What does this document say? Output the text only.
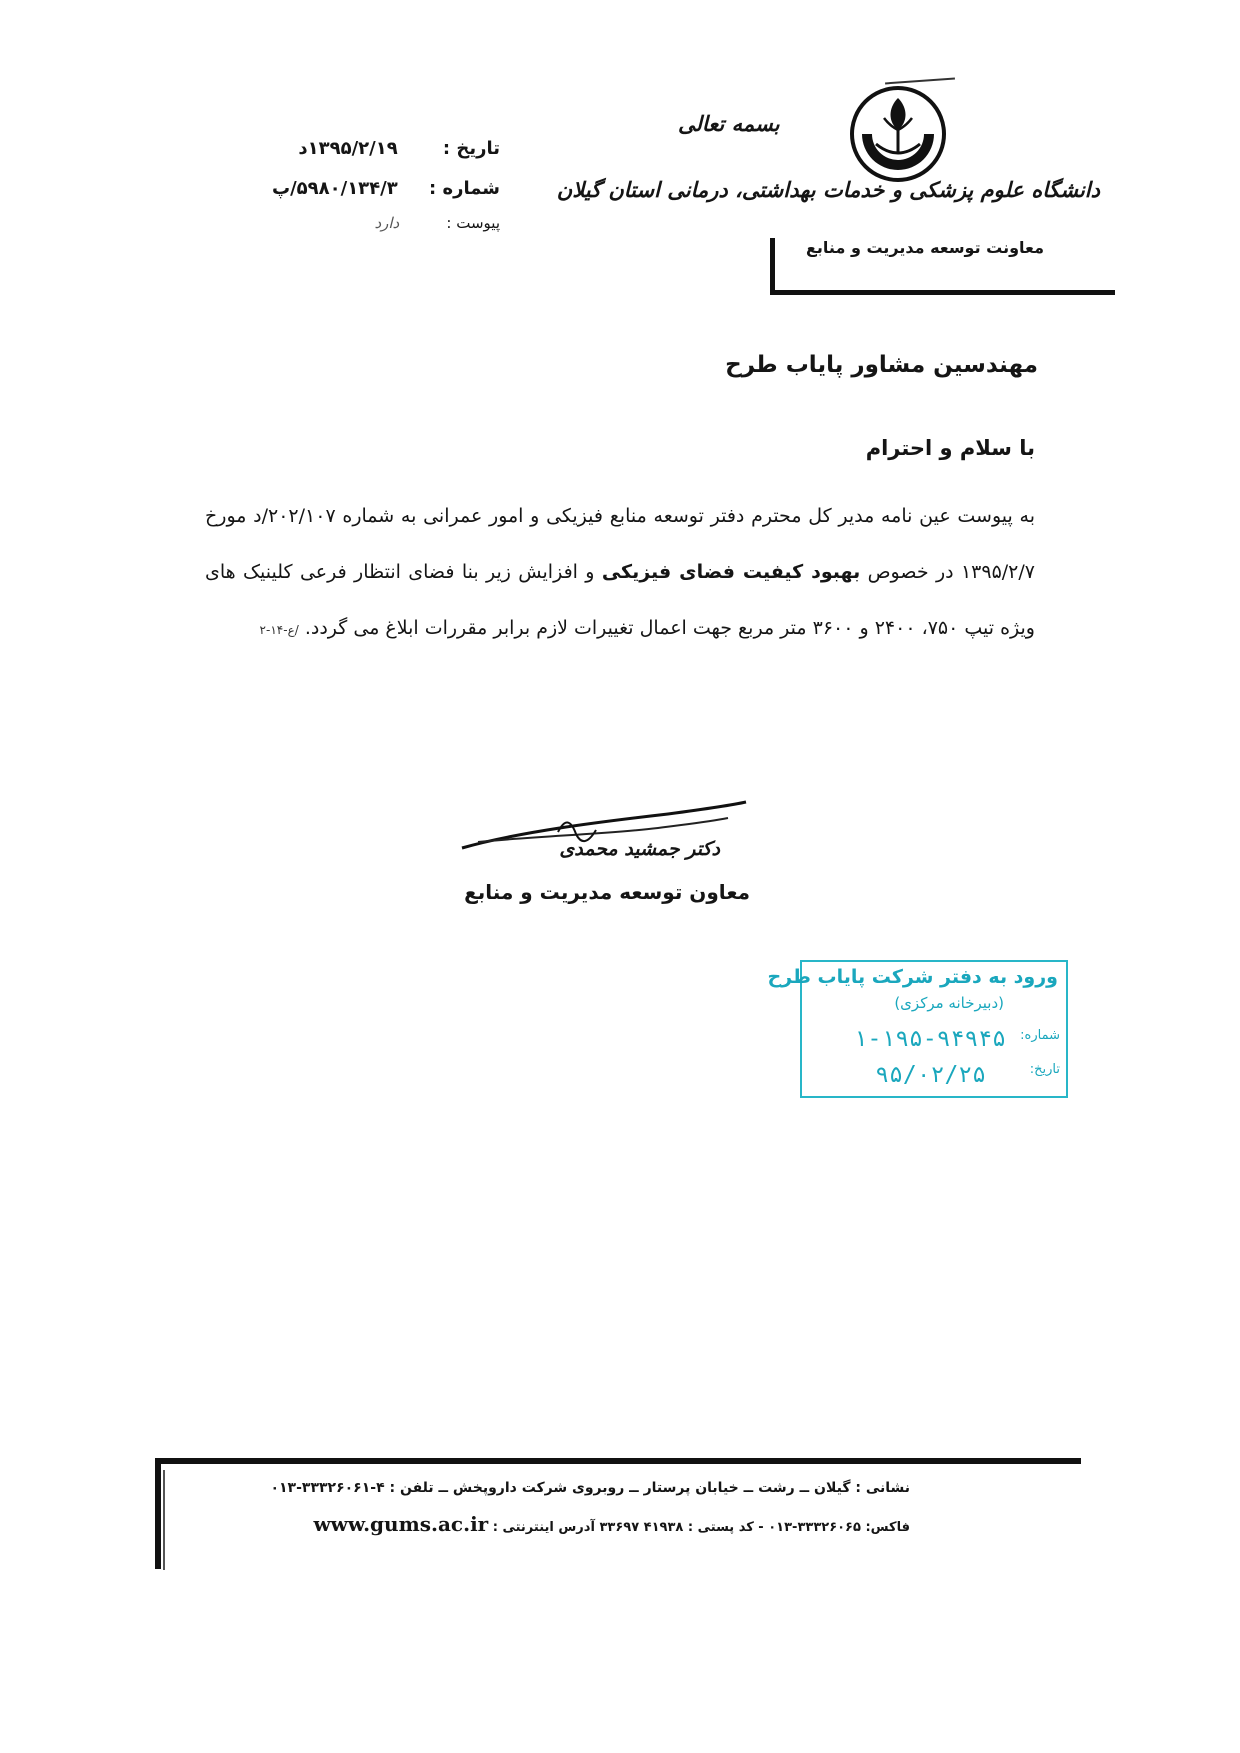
بسمه تعالی
دانشگاه علوم پزشکی و خدمات بهداشتی، درمانی استان گیلان
معاونت توسعه مدیریت و منابع
تاریخ : ۱۳۹۵/۲/۱۹د
شماره : ۵۹۸۰/۱۳۴/۳/پ
پیوست : دارد
مهندسین مشاور پایاب طرح
با سلام و احترام
به پیوست عین نامه مدیر کل محترم دفتر توسعه منابع فیزیکی و امور عمرانی به شماره ۲۰۲/۱۰۷/د مورخ ۱۳۹۵/۲/۷ در خصوص بهبود کیفیت فضای فیزیکی و افزایش زیر بنا فضای انتظار فرعی کلینیک های ویژه تیپ ۷۵۰، ۲۴۰۰ و ۳۶۰۰ متر مربع جهت اعمال تغییرات لازم برابر مقررات ابلاغ می گردد. /ع-۱۴-۲
دکتر جمشید محمدی
معاون توسعه مدیریت و منابع
ورود به دفتر شرکت پایاب طرح
(دبیرخانه مرکزی)
شماره:
۱-۱۹۵-۹۴۹۴۵
تاریخ:
۹۵/۰۲/۲۵
نشانی : گیلان ــ رشت ــ خیابان پرستار ــ روبروی شرکت داروپخش ــ تلفن : ۴-۳۳۳۲۶۰۶۱-۰۱۳
فاکس: ۳۳۳۲۶۰۶۵-۰۱۳ - کد پستی : ۴۱۹۳۸ ۳۳۶۹۷ آدرس اینترنتی : www.gums.ac.ir
